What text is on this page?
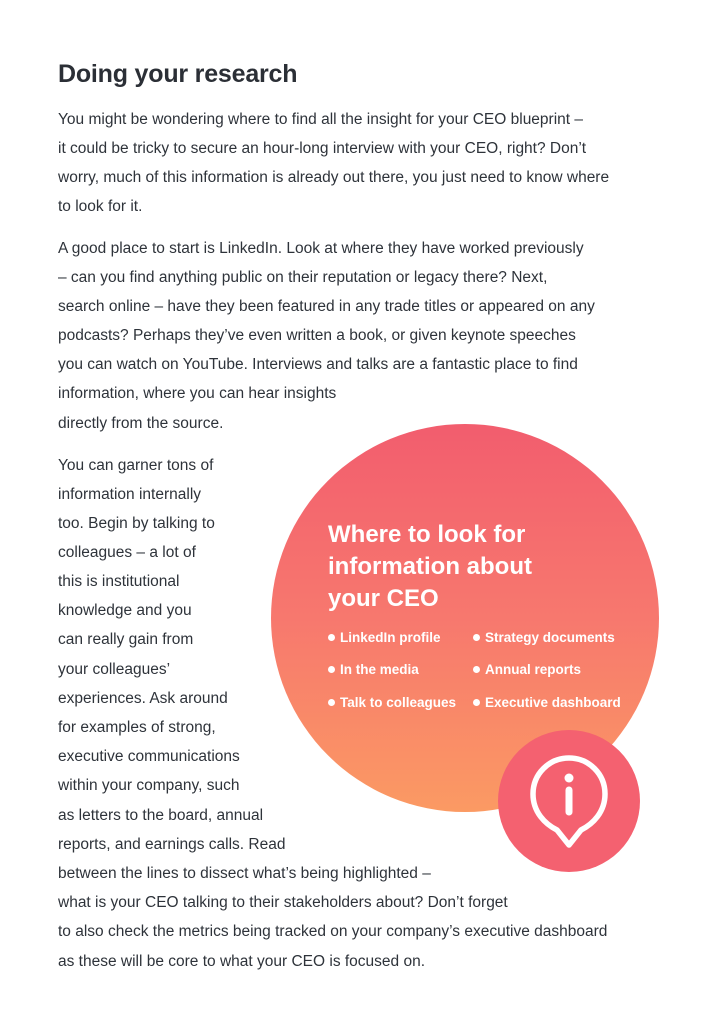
Doing your research
You might be wondering where to find all the insight for your CEO blueprint –
it could be tricky to secure an hour-long interview with your CEO, right? Don’t
worry, much of this information is already out there, you just need to know where
to look for it.
A good place to start is LinkedIn. Look at where they have worked previously
– can you find anything public on their reputation or legacy there? Next,
search online – have they been featured in any trade titles or appeared on any
podcasts? Perhaps they’ve even written a book, or given keynote speeches
you can watch on YouTube. Interviews and talks are a fantastic place to find
information, where you can hear insights
directly from the source.
You can garner tons of
information internally
too. Begin by talking to
colleagues – a lot of
this is institutional
knowledge and you
can really gain from
your colleagues’
experiences. Ask around
for examples of strong,
executive communications
within your company, such
as letters to the board, annual
reports, and earnings calls. Read
between the lines to dissect what’s being highlighted –
what is your CEO talking to their stakeholders about? Don’t forget
to also check the metrics being tracked on your company’s executive dashboard
as these will be core to what your CEO is focused on.
Where to look for
information about
your CEO
LinkedIn profile	Strategy documents
In the media	Annual reports
Talk to colleagues	Executive dashboard
